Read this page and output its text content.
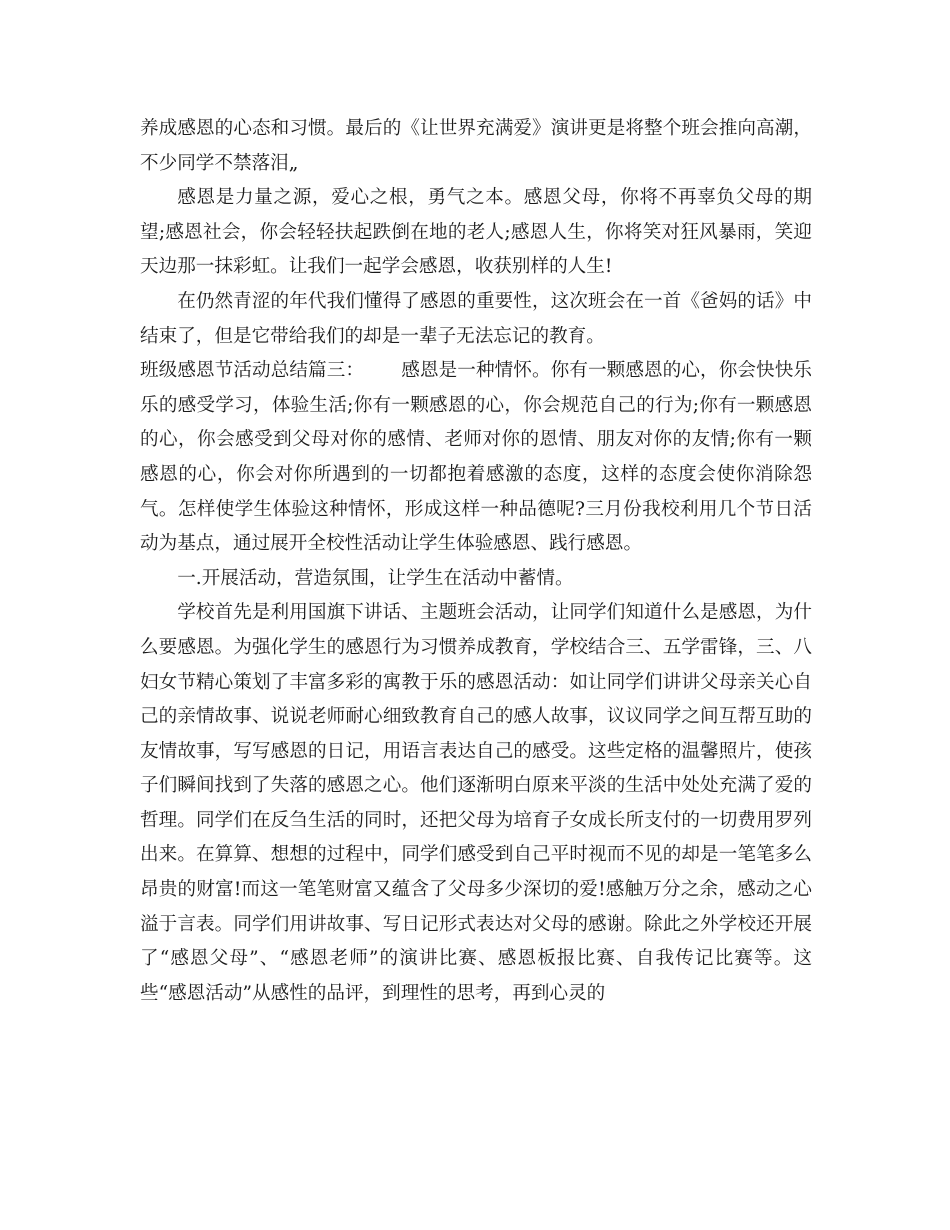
养成感恩的心态和习惯。最后的《让世界充满爱》演讲更是将整个班会推向高潮，不少同学不禁落泪„

感恩是力量之源，爱心之根，勇气之本。感恩父母，你将不再辜负父母的期望;感恩社会，你会轻轻扶起跌倒在地的老人;感恩人生，你将笑对狂风暴雨，笑迎天边那一抹彩虹。让我们一起学会感恩，收获别样的人生!

在仍然青涩的年代我们懂得了感恩的重要性，这次班会在一首《爸妈的话》中结束了，但是它带给我们的却是一辈子无法忘记的教育。

班级感恩节活动总结篇三： 感恩是一种情怀。你有一颗感恩的心，你会快快乐乐的感受学习，体验生活;你有一颗感恩的心，你会规范自己的行为;你有一颗感恩的心，你会感受到父母对你的感情、老师对你的恩情、朋友对你的友情;你有一颗感恩的心，你会对你所遇到的一切都抱着感激的态度，这样的态度会使你消除怨气。怎样使学生体验这种情怀，形成这样一种品德呢?三月份我校利用几个节日活动为基点，通过展开全校性活动让学生体验感恩、践行感恩。

一.开展活动，营造氛围，让学生在活动中蓄情。

学校首先是利用国旗下讲话、主题班会活动，让同学们知道什么是感恩，为什么要感恩。为强化学生的感恩行为习惯养成教育，学校结合三、五学雷锋，三、八妇女节精心策划了丰富多彩的寓教于乐的感恩活动：如让同学们讲讲父母亲关心自己的亲情故事、说说老师耐心细致教育自己的感人故事，议议同学之间互帮互助的友情故事，写写感恩的日记，用语言表达自己的感受。这些定格的温馨照片，使孩子们瞬间找到了失落的感恩之心。他们逐渐明白原来平淡的生活中处处充满了爱的哲理。同学们在反刍生活的同时，还把父母为培育子女成长所支付的一切费用罗列出来。在算算、想想的过程中，同学们感受到自己平时视而不见的却是一笔笔多么昂贵的财富!而这一笔笔财富又蕴含了父母多少深切的爱!感触万分之余，感动之心溢于言表。同学们用讲故事、写日记形式表达对父母的感谢。除此之外学校还开展了“感恩父母”、“感恩老师”的演讲比赛、感恩板报比赛、自我传记比赛等。这些“感恩活动”从感性的品评，到理性的思考，再到心灵的
